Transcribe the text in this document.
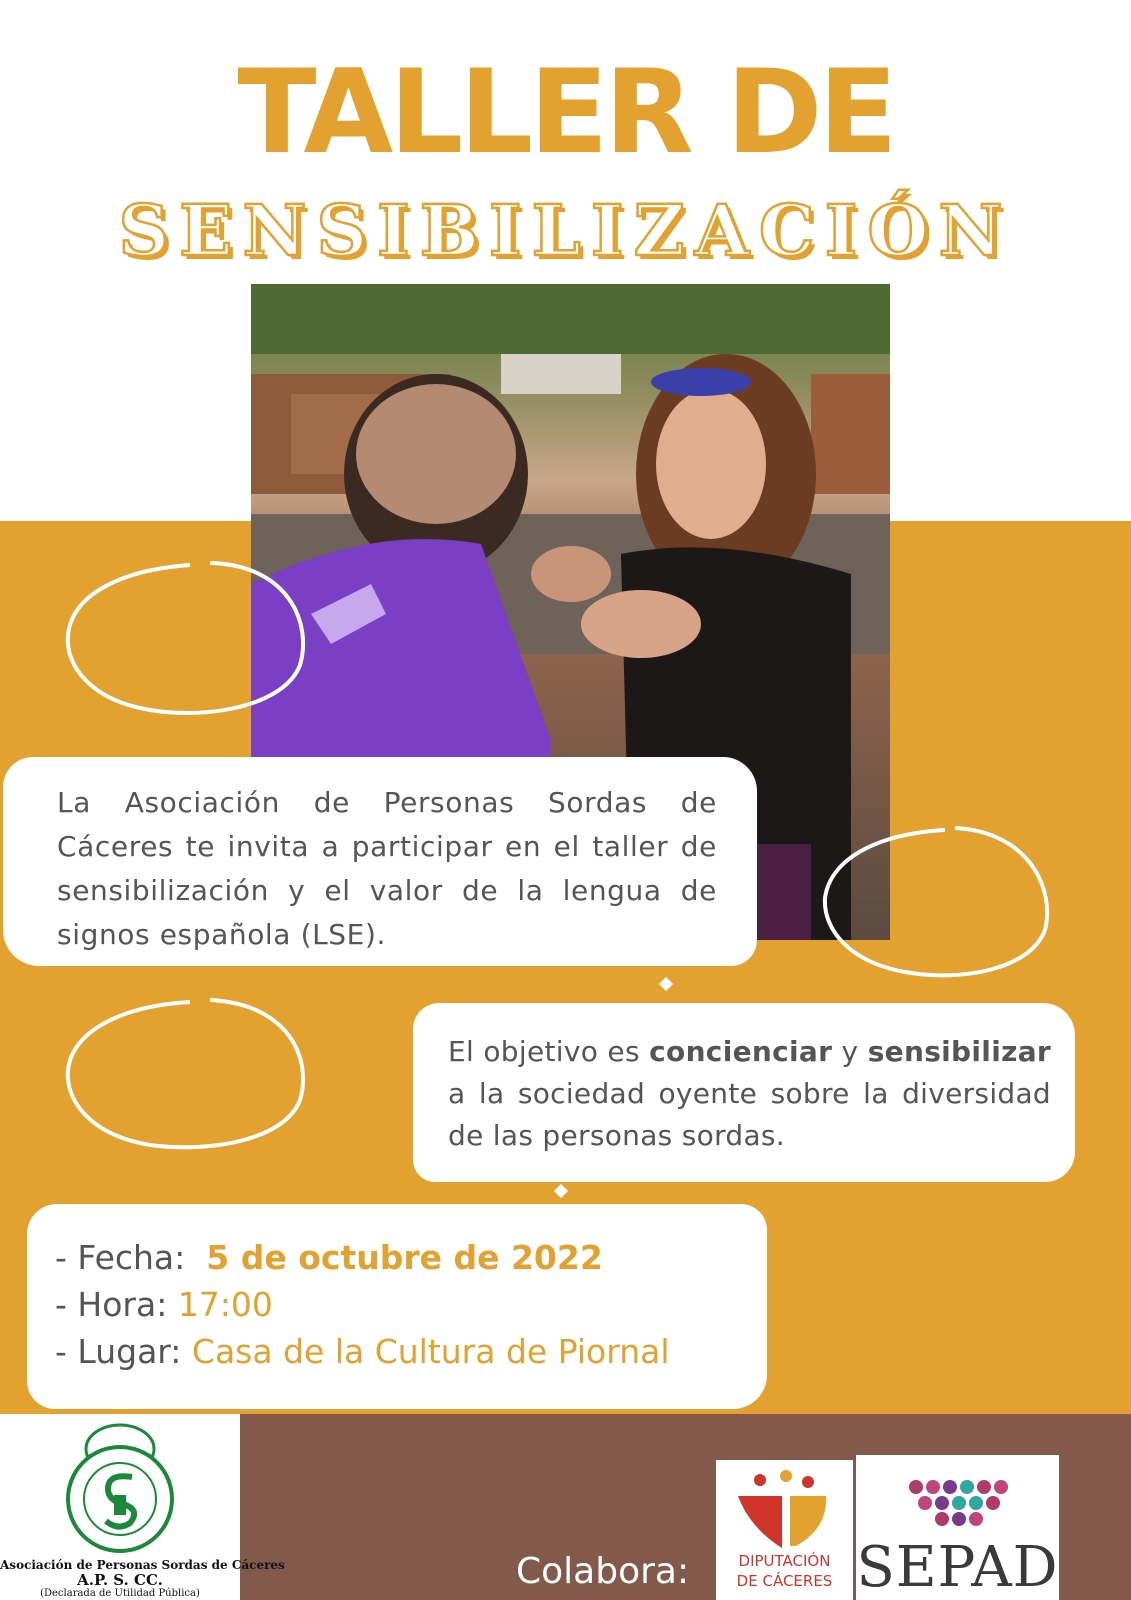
TALLER DE
SENSIBILIZACIÓN
La Asociación de Personas Sordas de Cáceres te invita a participar en el taller de sensibilización y el valor de la lengua de signos española (LSE).
El objetivo es concienciar y sensibilizar a la sociedad oyente sobre la diversidad de las personas sordas.
- Fecha: 5 de octubre de 2022
- Hora: 17:00
- Lugar: Casa de la Cultura de Piornal
Asociación de Personas Sordas de Cáceres
A.P. S. CC.
(Declarada de Utilidad Pública)
Colabora:	DIPUTACIÓN
DE CÁCERES SEPAD
